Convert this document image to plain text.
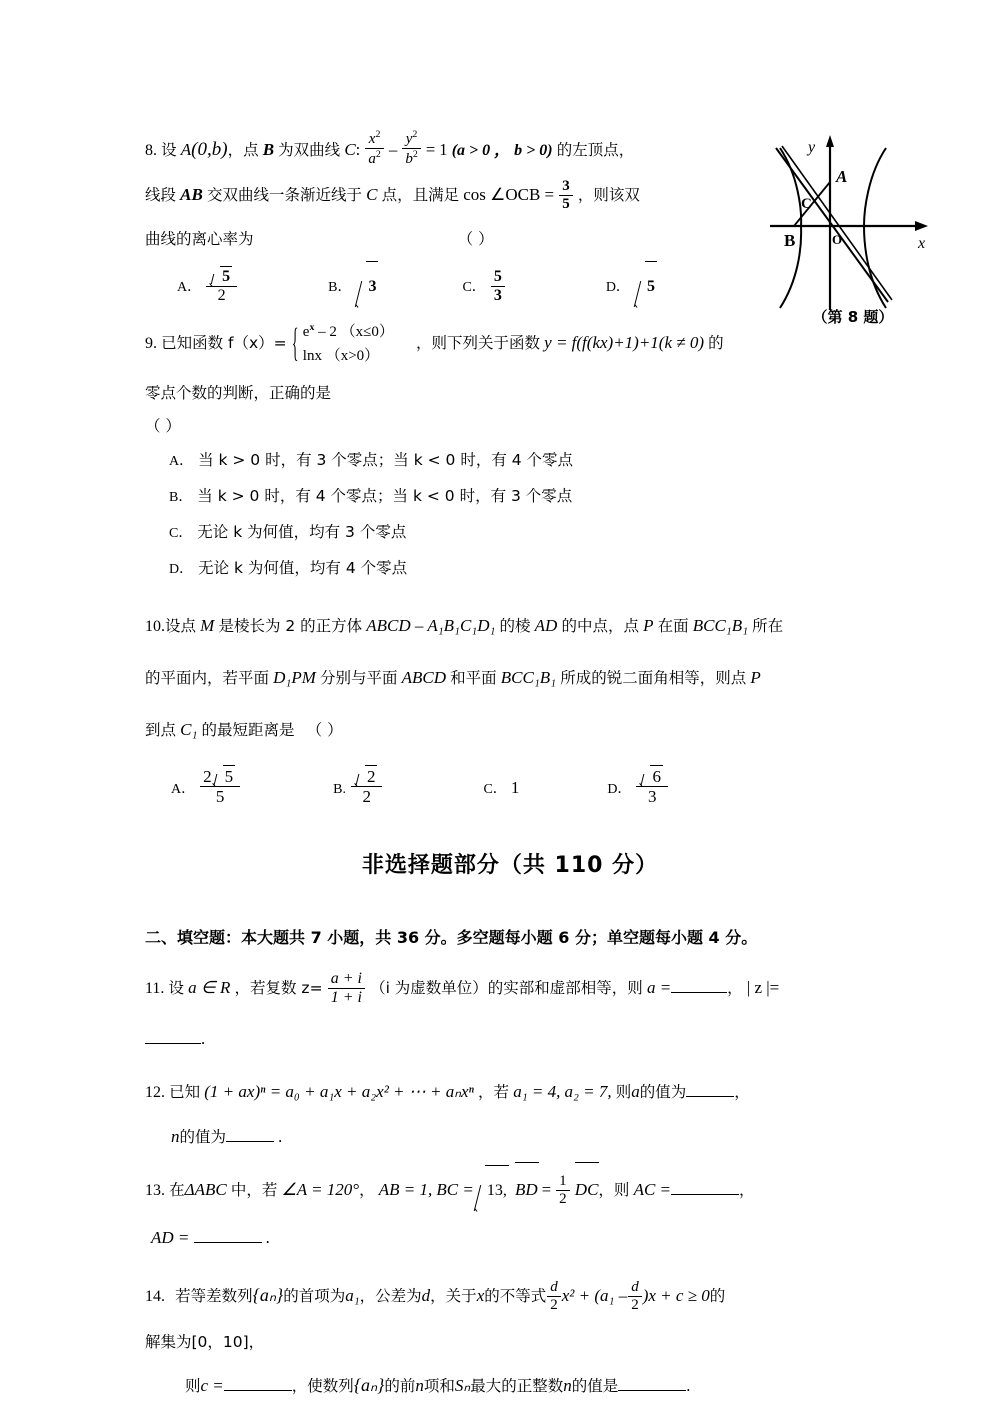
A
C
B	O
y
x
（第 8 题）
8. 设 A(0,b)，点 B 为双曲线 C: $\frac{x^2}{a^2} - \frac{y^2}{b^2} = 1$ (a > 0 ， b > 0) 的左顶点，
线段 AB 交双曲线一条渐近线于 C 点，且满足 cos ∠OCB = $\frac{3}{5}$ ，则该双
曲线的离心率为	（ ）
A． $\frac{5}{2}$	B． 3	C． $\frac{5}{3}$	D． 5
9. 已知函数 f（x）=
{ $e^x - 2$ （x≤0）
lnx （x>0）
，则下列关于函数 y = f(f(kx)+1)+1(k ≠ 0) 的
零点个数的判断，正确的是
（ ）
A． 当 k > 0 时，有 3 个零点；当 k < 0 时，有 4 个零点
B． 当 k > 0 时，有 4 个零点；当 k < 0 时，有 3 个零点
C． 无论 k 为何值，均有 3 个零点
D． 无论 k 为何值，均有 4 个零点
10.设点 M 是棱长为 2 的正方体 ABCD – A₁B₁C₁D₁ 的棱 AD 的中点，点 P 在面 BCC₁B₁ 所在
的平面内，若平面 D₁PM 分别与平面 ABCD 和平面 BCC₁B₁ 所成的锐二面角相等，则点 P
到点 C₁ 的最短距离是 （ ）
A． $\frac{2 5}{5}$	B. $\frac{2}{2}$	C． 1	D． $\frac{6}{3}$
非选择题部分（共 110 分）
二、填空题：本大题共 7 小题，共 36 分。多空题每小题 6 分；单空题每小题 4 分。
11. 设 a ∈ R ，若复数 $z= \frac{a + i}{1 + i} (i$ 为虚数单位）的实部和虚部相等，则 a =	， | z |=
.
12. 已知 (1 + ax)ⁿ = a₀ + a₁x + a₂x² + ⋯ + aₙxⁿ ，若 a₁ = 4, a₂ = 7, 则a的值为	，
n的值为	.
13. 在ΔABC 中，若 ∠A = 120°， AB = 1, BC = 13, BD = $\frac{1}{2}$ DC，则 AC =	，
AD =	.
14. 若等差数列{aₙ}的首项为a₁，公差为d，关于x的不等式 $\frac{d}{2} x^2 + (a_1 - \frac{d}{2} )x + c \ge 0$的
解集为[0，10]，
则c =	，使数列{aₙ}的前n项和Sₙ最大的正整数n的值是	.
